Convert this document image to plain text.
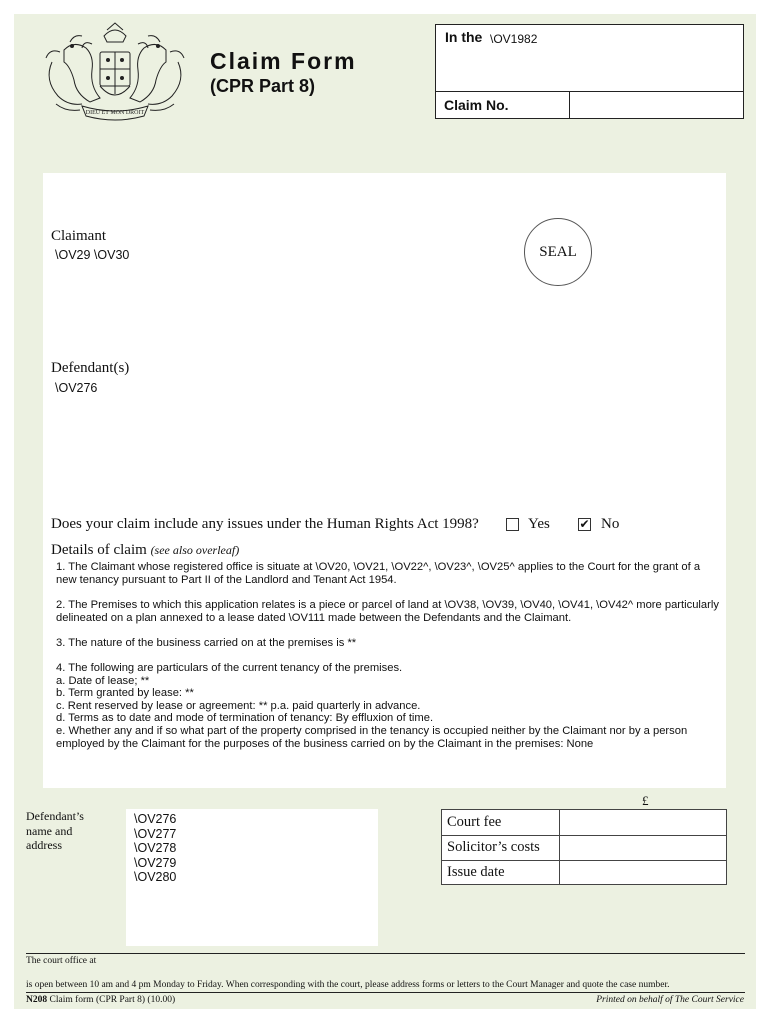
DIEU ET MON DROIT
Claim Form
(CPR Part 8)
In the \OV1982
Claim No.
Claimant
\OV29 \OV30	SEAL
Defendant(s)
\OV276
Does your claim include any issues under the Human Rights Act 1998?	Yes ✔ No
Details of claim (see also overleaf)
1. The Claimant whose registered office is situate at \OV20, \OV21, \OV22^, \OV23^, \OV25^ applies to the Court for the grant of a new tenancy pursuant to Part II of the Landlord and Tenant Act 1954.
2. The Premises to which this application relates is a piece or parcel of land at \OV38, \OV39, \OV40, \OV41, \OV42^ more particularly delineated on a plan annexed to a lease dated \OV111 made between the Defendants and the Claimant.
3. The nature of the business carried on at the premises is **
4. The following are particulars of the current tenancy of the premises.
a. Date of lease; **
b. Term granted by lease: **
c. Rent reserved by lease or agreement: ** p.a. paid quarterly in advance.
d. Terms as to date and mode of termination of tenancy: By effluxion of time.
e. Whether any and if so what part of the property comprised in the tenancy is occupied neither by the Claimant nor by a person employed by the Claimant for the purposes of the business carried on by the Claimant in the premises: None
Defendant’s
name and
address
\OV276
\OV277
\OV278
\OV279
\OV280
£
Court fee
Solicitor’s costs
Issue date
The court office at
is open between 10 am and 4 pm Monday to Friday. When corresponding with the court, please address forms or letters to the Court Manager and quote the case number.
N208 Claim form (CPR Part 8) (10.00)	Printed on behalf of The Court Service
